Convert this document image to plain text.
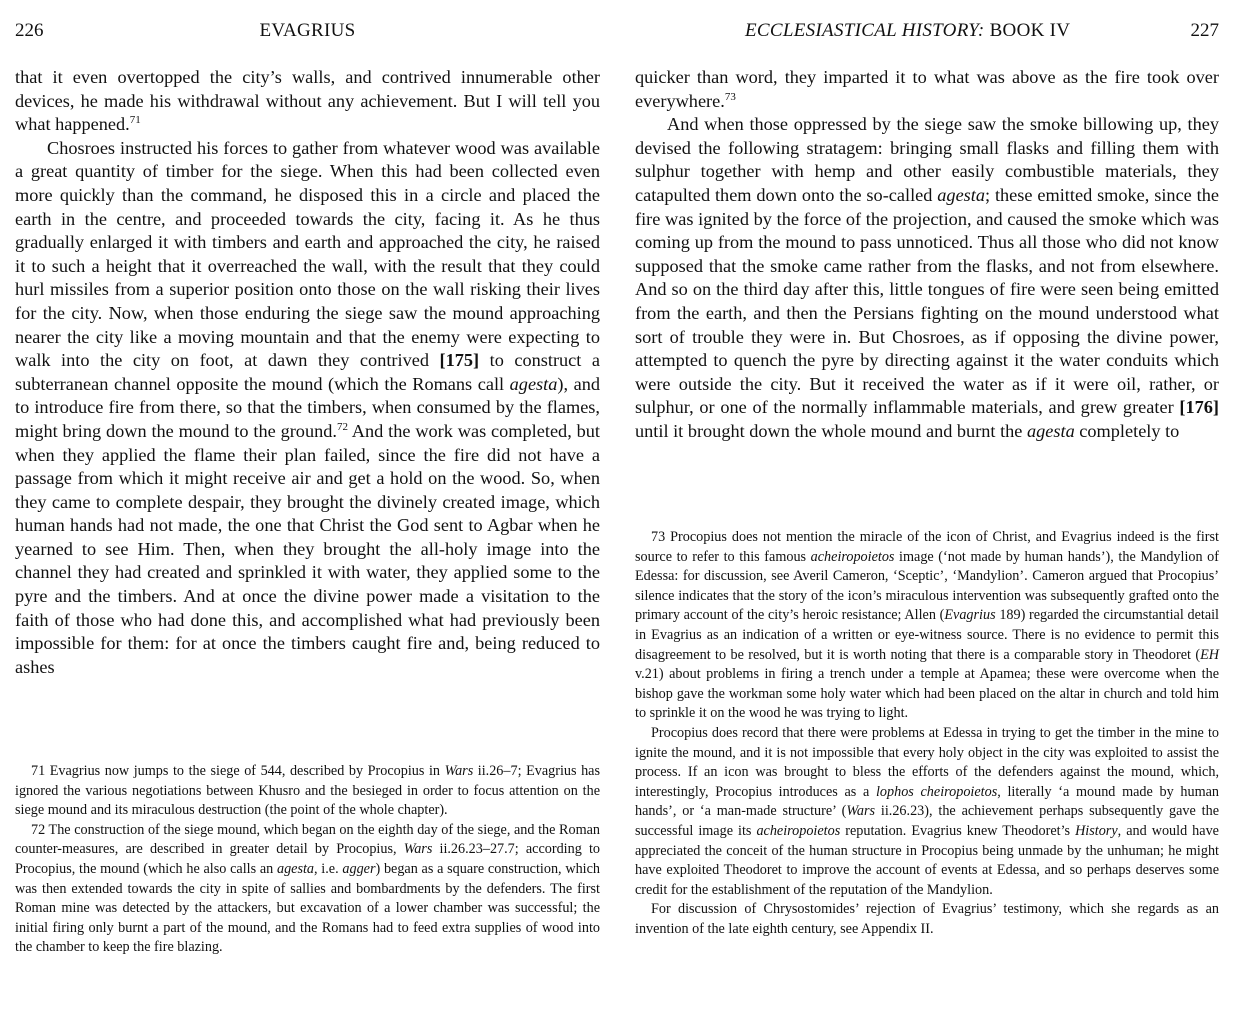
226	EVAGRIUS

that it even overtopped the city’s walls, and contrived innumerable other devices, he made his withdrawal without any achievement. But I will tell you what happened.$^{71}$

Chosroes instructed his forces to gather from whatever wood was available a great quantity of timber for the siege. When this had been collected even more quickly than the command, he disposed this in a circle and placed the earth in the centre, and proceeded towards the city, facing it. As he thus gradually enlarged it with timbers and earth and approached the city, he raised it to such a height that it overreached the wall, with the result that they could hurl missiles from a superior position onto those on the wall risking their lives for the city. Now, when those enduring the siege saw the mound approaching nearer the city like a moving mountain and that the enemy were expecting to walk into the city on foot, at dawn they contrived [175] to construct a subterranean channel opposite the mound (which the Romans call agesta), and to introduce fire from there, so that the timbers, when consumed by the flames, might bring down the mound to the ground.$^{72}$ And the work was completed, but when they applied the flame their plan failed, since the fire did not have a passage from which it might receive air and get a hold on the wood. So, when they came to complete despair, they brought the divinely created image, which human hands had not made, the one that Christ the God sent to Agbar when he yearned to see Him. Then, when they brought the all-holy image into the channel they had created and sprinkled it with water, they applied some to the pyre and the timbers. And at once the divine power made a visitation to the faith of those who had done this, and accomplished what had previously been impossible for them: for at once the timbers caught fire and, being reduced to ashes

71 Evagrius now jumps to the siege of 544, described by Procopius in Wars ii.26–7; Evagrius has ignored the various negotiations between Khusro and the besieged in order to focus attention on the siege mound and its miraculous destruction (the point of the whole chapter).

72 The construction of the siege mound, which began on the eighth day of the siege, and the Roman counter-measures, are described in greater detail by Procopius, Wars ii.26.23–27.7; according to Procopius, the mound (which he also calls an agesta, i.e. agger) began as a square construction, which was then extended towards the city in spite of sallies and bombardments by the defenders. The first Roman mine was detected by the attackers, but excavation of a lower chamber was successful; the initial firing only burnt a part of the mound, and the Romans had to feed extra supplies of wood into the chamber to keep the fire blazing.

ECCLESIASTICAL HISTORY: BOOK IV	227

quicker than word, they imparted it to what was above as the fire took over everywhere.$^{73}$

And when those oppressed by the siege saw the smoke billowing up, they devised the following stratagem: bringing small flasks and filling them with sulphur together with hemp and other easily combustible materials, they catapulted them down onto the so-called agesta; these emitted smoke, since the fire was ignited by the force of the projection, and caused the smoke which was coming up from the mound to pass unnoticed. Thus all those who did not know supposed that the smoke came rather from the flasks, and not from elsewhere. And so on the third day after this, little tongues of fire were seen being emitted from the earth, and then the Persians fighting on the mound understood what sort of trouble they were in. But Chosroes, as if opposing the divine power, attempted to quench the pyre by directing against it the water conduits which were outside the city. But it received the water as if it were oil, rather, or sulphur, or one of the normally inflammable materials, and grew greater [176] until it brought down the whole mound and burnt the agesta completely to

73 Procopius does not mention the miracle of the icon of Christ, and Evagrius indeed is the first source to refer to this famous acheiropoietos image (‘not made by human hands’), the Mandylion of Edessa: for discussion, see Averil Cameron, ‘Sceptic’, ‘Mandylion’. Cameron argued that Procopius’ silence indicates that the story of the icon’s miraculous intervention was subsequently grafted onto the primary account of the city’s heroic resistance; Allen (Evagrius 189) regarded the circumstantial detail in Evagrius as an indication of a written or eye-witness source. There is no evidence to permit this disagreement to be resolved, but it is worth noting that there is a comparable story in Theodoret (EH v.21) about problems in firing a trench under a temple at Apamea; these were overcome when the bishop gave the workman some holy water which had been placed on the altar in church and told him to sprinkle it on the wood he was trying to light.

Procopius does record that there were problems at Edessa in trying to get the timber in the mine to ignite the mound, and it is not impossible that every holy object in the city was exploited to assist the process. If an icon was brought to bless the efforts of the defenders against the mound, which, interestingly, Procopius introduces as a lophos cheiropoietos, literally ‘a mound made by human hands’, or ‘a man-made structure’ (Wars ii.26.23), the achievement perhaps subsequently gave the successful image its acheiropoietos reputation. Evagrius knew Theodoret’s History, and would have appreciated the conceit of the human structure in Procopius being unmade by the unhuman; he might have exploited Theodoret to improve the account of events at Edessa, and so perhaps deserves some credit for the establishment of the reputation of the Mandylion.

For discussion of Chrysostomides’ rejection of Evagrius’ testimony, which she regards as an invention of the late eighth century, see Appendix II.
